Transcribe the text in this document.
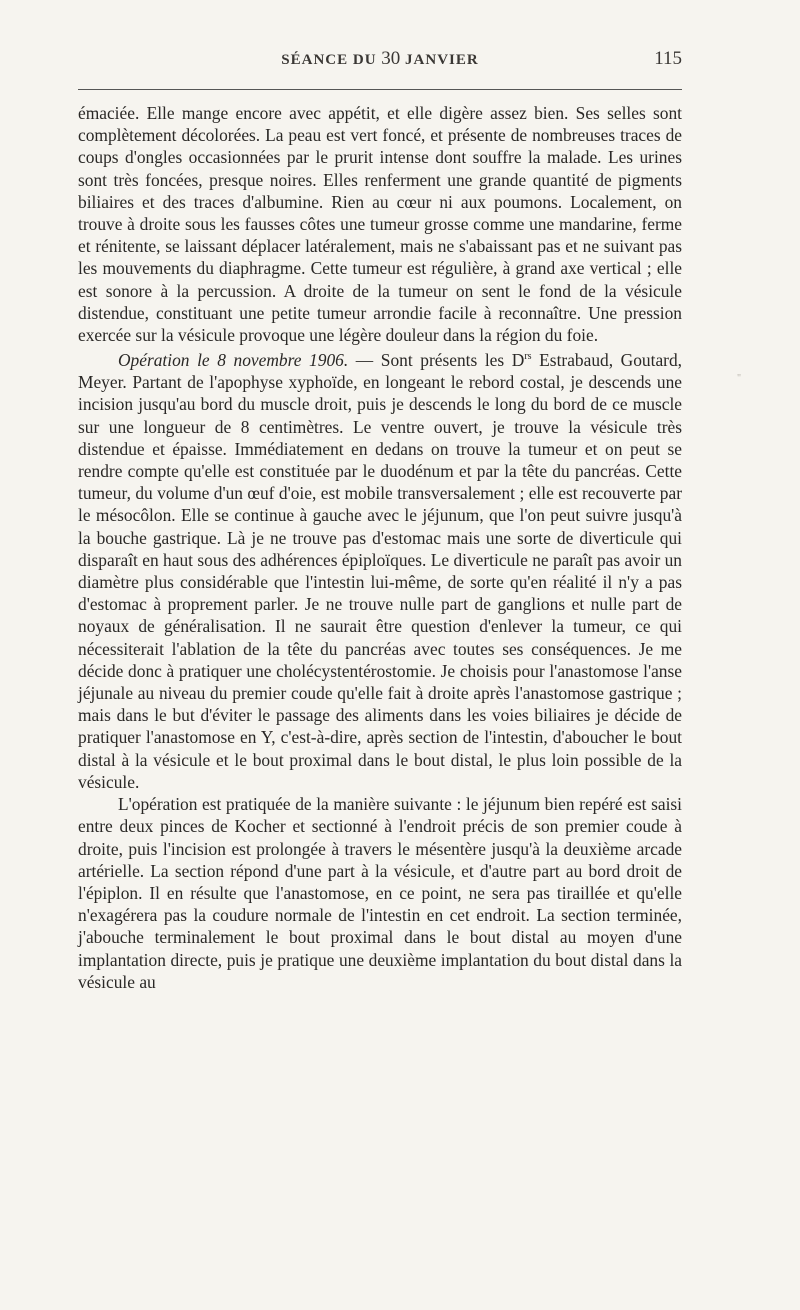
SÉANCE DU 30 JANVIER	115

émaciée. Elle mange encore avec appétit, et elle digère assez bien. Ses selles sont complètement décolorées. La peau est vert foncé, et présente de nombreuses traces de coups d'ongles occasionnées par le prurit intense dont souffre la malade. Les urines sont très foncées, presque noires. Elles renferment une grande quantité de pigments biliaires et des traces d'albumine. Rien au cœur ni aux poumons. Localement, on trouve à droite sous les fausses côtes une tumeur grosse comme une mandarine, ferme et rénitente, se laissant déplacer latéralement, mais ne s'abaissant pas et ne suivant pas les mouvements du diaphragme. Cette tumeur est régulière, à grand axe vertical ; elle est sonore à la percussion. A droite de la tumeur on sent le fond de la vésicule distendue, constituant une petite tumeur arrondie facile à reconnaître. Une pression exercée sur la vésicule provoque une légère douleur dans la région du foie.

Opération le 8 novembre 1906. — Sont présents les $D^{rs}$ Estrabaud, Goutard, Meyer. Partant de l'apophyse xyphoïde, en longeant le rebord costal, je descends une incision jusqu'au bord du muscle droit, puis je descends le long du bord de ce muscle sur une longueur de 8 centimètres. Le ventre ouvert, je trouve la vésicule très distendue et épaisse. Immédiatement en dedans on trouve la tumeur et on peut se rendre compte qu'elle est constituée par le duodénum et par la tête du pancréas. Cette tumeur, du volume d'un œuf d'oie, est mobile transversalement ; elle est recouverte par le mésocôlon. Elle se continue à gauche avec le jéjunum, que l'on peut suivre jusqu'à la bouche gastrique. Là je ne trouve pas d'estomac mais une sorte de diverticule qui disparaît en haut sous des adhérences épiploïques. Le diverticule ne paraît pas avoir un diamètre plus considérable que l'intestin lui-même, de sorte qu'en réalité il n'y a pas d'estomac à proprement parler. Je ne trouve nulle part de ganglions et nulle part de noyaux de généralisation. Il ne saurait être question d'enlever la tumeur, ce qui nécessiterait l'ablation de la tête du pancréas avec toutes ses conséquences. Je me décide donc à pratiquer une cholécystentérostomie. Je choisis pour l'anastomose l'anse jéjunale au niveau du premier coude qu'elle fait à droite après l'anastomose gastrique ; mais dans le but d'éviter le passage des aliments dans les voies biliaires je décide de pratiquer l'anastomose en Y, c'est-à-dire, après section de l'intestin, d'aboucher le bout distal à la vésicule et le bout proximal dans le bout distal, le plus loin possible de la vésicule.

L'opération est pratiquée de la manière suivante : le jéjunum bien repéré est saisi entre deux pinces de Kocher et sectionné à l'endroit précis de son premier coude à droite, puis l'incision est prolongée à travers le mésentère jusqu'à la deuxième arcade artérielle. La section répond d'une part à la vésicule, et d'autre part au bord droit de l'épiplon. Il en résulte que l'anastomose, en ce point, ne sera pas tiraillée et qu'elle n'exagérera pas la coudure normale de l'intestin en cet endroit. La section terminée, j'abouche terminalement le bout proximal dans le bout distal au moyen d'une implantation directe, puis je pratique une deuxième implantation du bout distal dans la vésicule au

"
